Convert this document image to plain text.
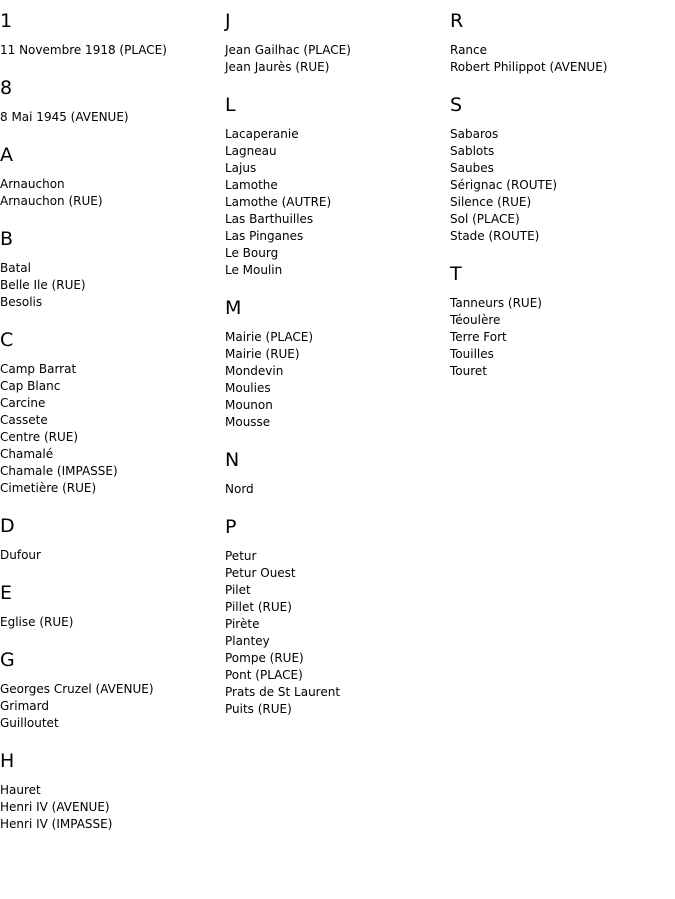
1
11 Novembre 1918 (PLACE)
8
8 Mai 1945 (AVENUE)
A
Arnauchon
Arnauchon (RUE)
B
Batal
Belle Ile (RUE)
Besolis
C
Camp Barrat
Cap Blanc
Carcine
Cassete
Centre (RUE)
Chamalé
Chamale (IMPASSE)
Cimetière (RUE)
D
Dufour
E
Eglise (RUE)
G
Georges Cruzel (AVENUE)
Grimard
Guilloutet
H
Hauret
Henri IV (AVENUE)
Henri IV (IMPASSE)
J
Jean Gailhac (PLACE)
Jean Jaurès (RUE)
L
Lacaperanie
Lagneau
Lajus
Lamothe
Lamothe (AUTRE)
Las Barthuilles
Las Pinganes
Le Bourg
Le Moulin
M
Mairie (PLACE)
Mairie (RUE)
Mondevin
Moulies
Mounon
Mousse
N
Nord
P
Petur
Petur Ouest
Pilet
Pillet (RUE)
Pirète
Plantey
Pompe (RUE)
Pont (PLACE)
Prats de St Laurent
Puits (RUE)
R
Rance
Robert Philippot (AVENUE)
S
Sabaros
Sablots
Saubes
Sérignac (ROUTE)
Silence (RUE)
Sol (PLACE)
Stade (ROUTE)
T
Tanneurs (RUE)
Téoulère
Terre Fort
Touilles
Touret
